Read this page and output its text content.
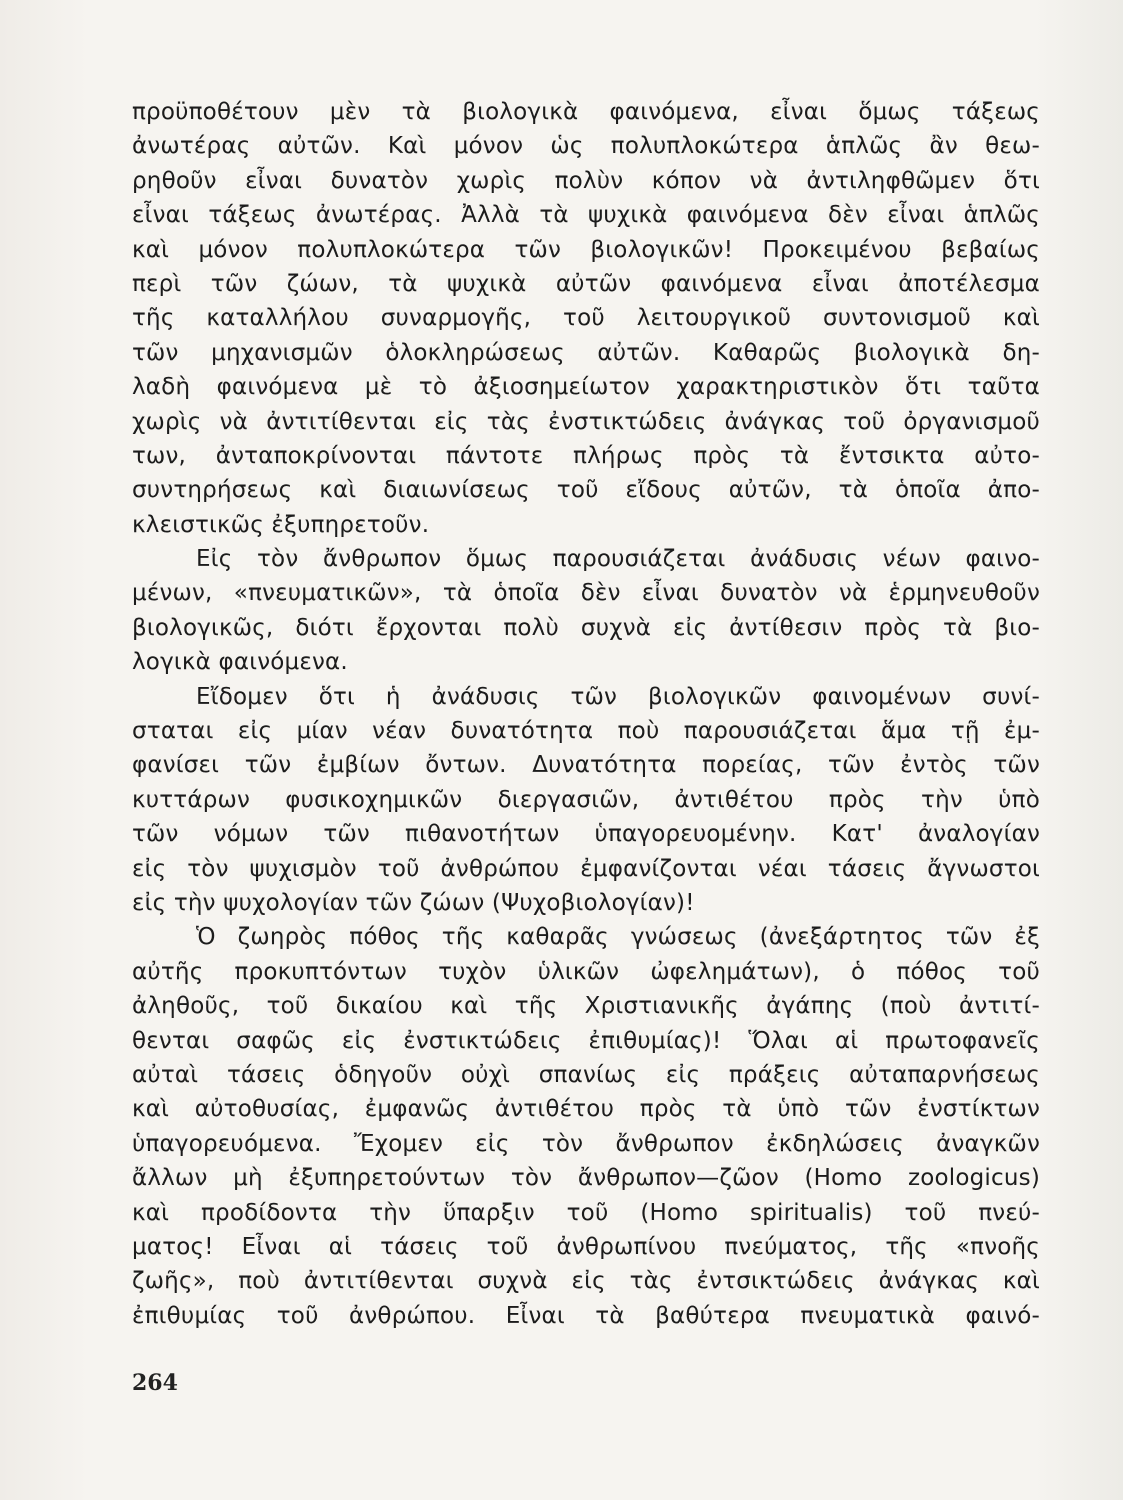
προϋποθέτουν μὲν τὰ βιολογικὰ φαινόμενα, εἶναι ὅμως τάξεως
ἀνωτέρας αὐτῶν. Καὶ μόνον ὡς πολυπλοκώτερα ἁπλῶς ἂν θεω-
ρηθοῦν εἶναι δυνατὸν χωρὶς πολὺν κόπον νὰ ἀντιληφθῶμεν ὅτι
εἶναι τάξεως ἀνωτέρας. Ἀλλὰ τὰ ψυχικὰ φαινόμενα δὲν εἶναι ἁπλῶς
καὶ μόνον πολυπλοκώτερα τῶν βιολογικῶν! Προκειμένου βεβαίως
περὶ τῶν ζώων, τὰ ψυχικὰ αὐτῶν φαινόμενα εἶναι ἀποτέλεσμα
τῆς καταλλήλου συναρμογῆς, τοῦ λειτουργικοῦ συντονισμοῦ καὶ
τῶν μηχανισμῶν ὁλοκληρώσεως αὐτῶν. Καθαρῶς βιολογικὰ δη-
λαδὴ φαινόμενα μὲ τὸ ἀξιοσημείωτον χαρακτηριστικὸν ὅτι ταῦτα
χωρὶς νὰ ἀντιτίθενται εἰς τὰς ἐνστικτώδεις ἀνάγκας τοῦ ὀργανισμοῦ
των, ἀνταποκρίνονται πάντοτε πλήρως πρὸς τὰ ἔντσικτα αὐτο-
συντηρήσεως καὶ διαιωνίσεως τοῦ εἴδους αὐτῶν, τὰ ὁποῖα ἀπο-
κλειστικῶς ἐξυπηρετοῦν.
Εἰς τὸν ἄνθρωπον ὅμως παρουσιάζεται ἀνάδυσις νέων φαινο-
μένων, «πνευματικῶν», τὰ ὁποῖα δὲν εἶναι δυνατὸν νὰ ἑρμηνευθοῦν
βιολογικῶς, διότι ἔρχονται πολὺ συχνὰ εἰς ἀντίθεσιν πρὸς τὰ βιο-
λογικὰ φαινόμενα.
Εἴδομεν ὅτι ἡ ἀνάδυσις τῶν βιολογικῶν φαινομένων συνί-
σταται εἰς μίαν νέαν δυνατότητα ποὺ παρουσιάζεται ἅμα τῇ ἐμ-
φανίσει τῶν ἐμβίων ὄντων. Δυνατότητα πορείας, τῶν ἐντὸς τῶν
κυττάρων φυσικοχημικῶν διεργασιῶν, ἀντιθέτου πρὸς τὴν ὑπὸ
τῶν νόμων τῶν πιθανοτήτων ὑπαγορευομένην. Κατ' ἀναλογίαν
εἰς τὸν ψυχισμὸν τοῦ ἀνθρώπου ἐμφανίζονται νέαι τάσεις ἄγνωστοι
εἰς τὴν ψυχολογίαν τῶν ζώων (Ψυχοβιολογίαν)!
Ὁ ζωηρὸς πόθος τῆς καθαρᾶς γνώσεως (ἀνεξάρτητος τῶν ἐξ
αὐτῆς προκυπτόντων τυχὸν ὑλικῶν ὠφελημάτων), ὁ πόθος τοῦ
ἀληθοῦς, τοῦ δικαίου καὶ τῆς Χριστιανικῆς ἀγάπης (ποὺ ἀντιτί-
θενται σαφῶς εἰς ἐνστικτώδεις ἐπιθυμίας)! Ὅλαι αἱ πρωτοφανεῖς
αὐταὶ τάσεις ὁδηγοῦν οὐχὶ σπανίως εἰς πράξεις αὐταπαρνήσεως
καὶ αὐτοθυσίας, ἐμφανῶς ἀντιθέτου πρὸς τὰ ὑπὸ τῶν ἐνστίκτων
ὑπαγορευόμενα. Ἔχομεν εἰς τὸν ἄνθρωπον ἐκδηλώσεις ἀναγκῶν
ἄλλων μὴ ἐξυπηρετούντων τὸν ἄνθρωπον—ζῶον (Homo zoologicus)
καὶ προδίδοντα τὴν ὕπαρξιν τοῦ (Homo spiritualis) τοῦ πνεύ-
ματος! Εἶναι αἱ τάσεις τοῦ ἀνθρωπίνου πνεύματος, τῆς «πνοῆς
ζωῆς», ποὺ ἀντιτίθενται συχνὰ εἰς τὰς ἐντσικτώδεις ἀνάγκας καὶ
ἐπιθυμίας τοῦ ἀνθρώπου. Εἶναι τὰ βαθύτερα πνευματικὰ φαινό-
264
